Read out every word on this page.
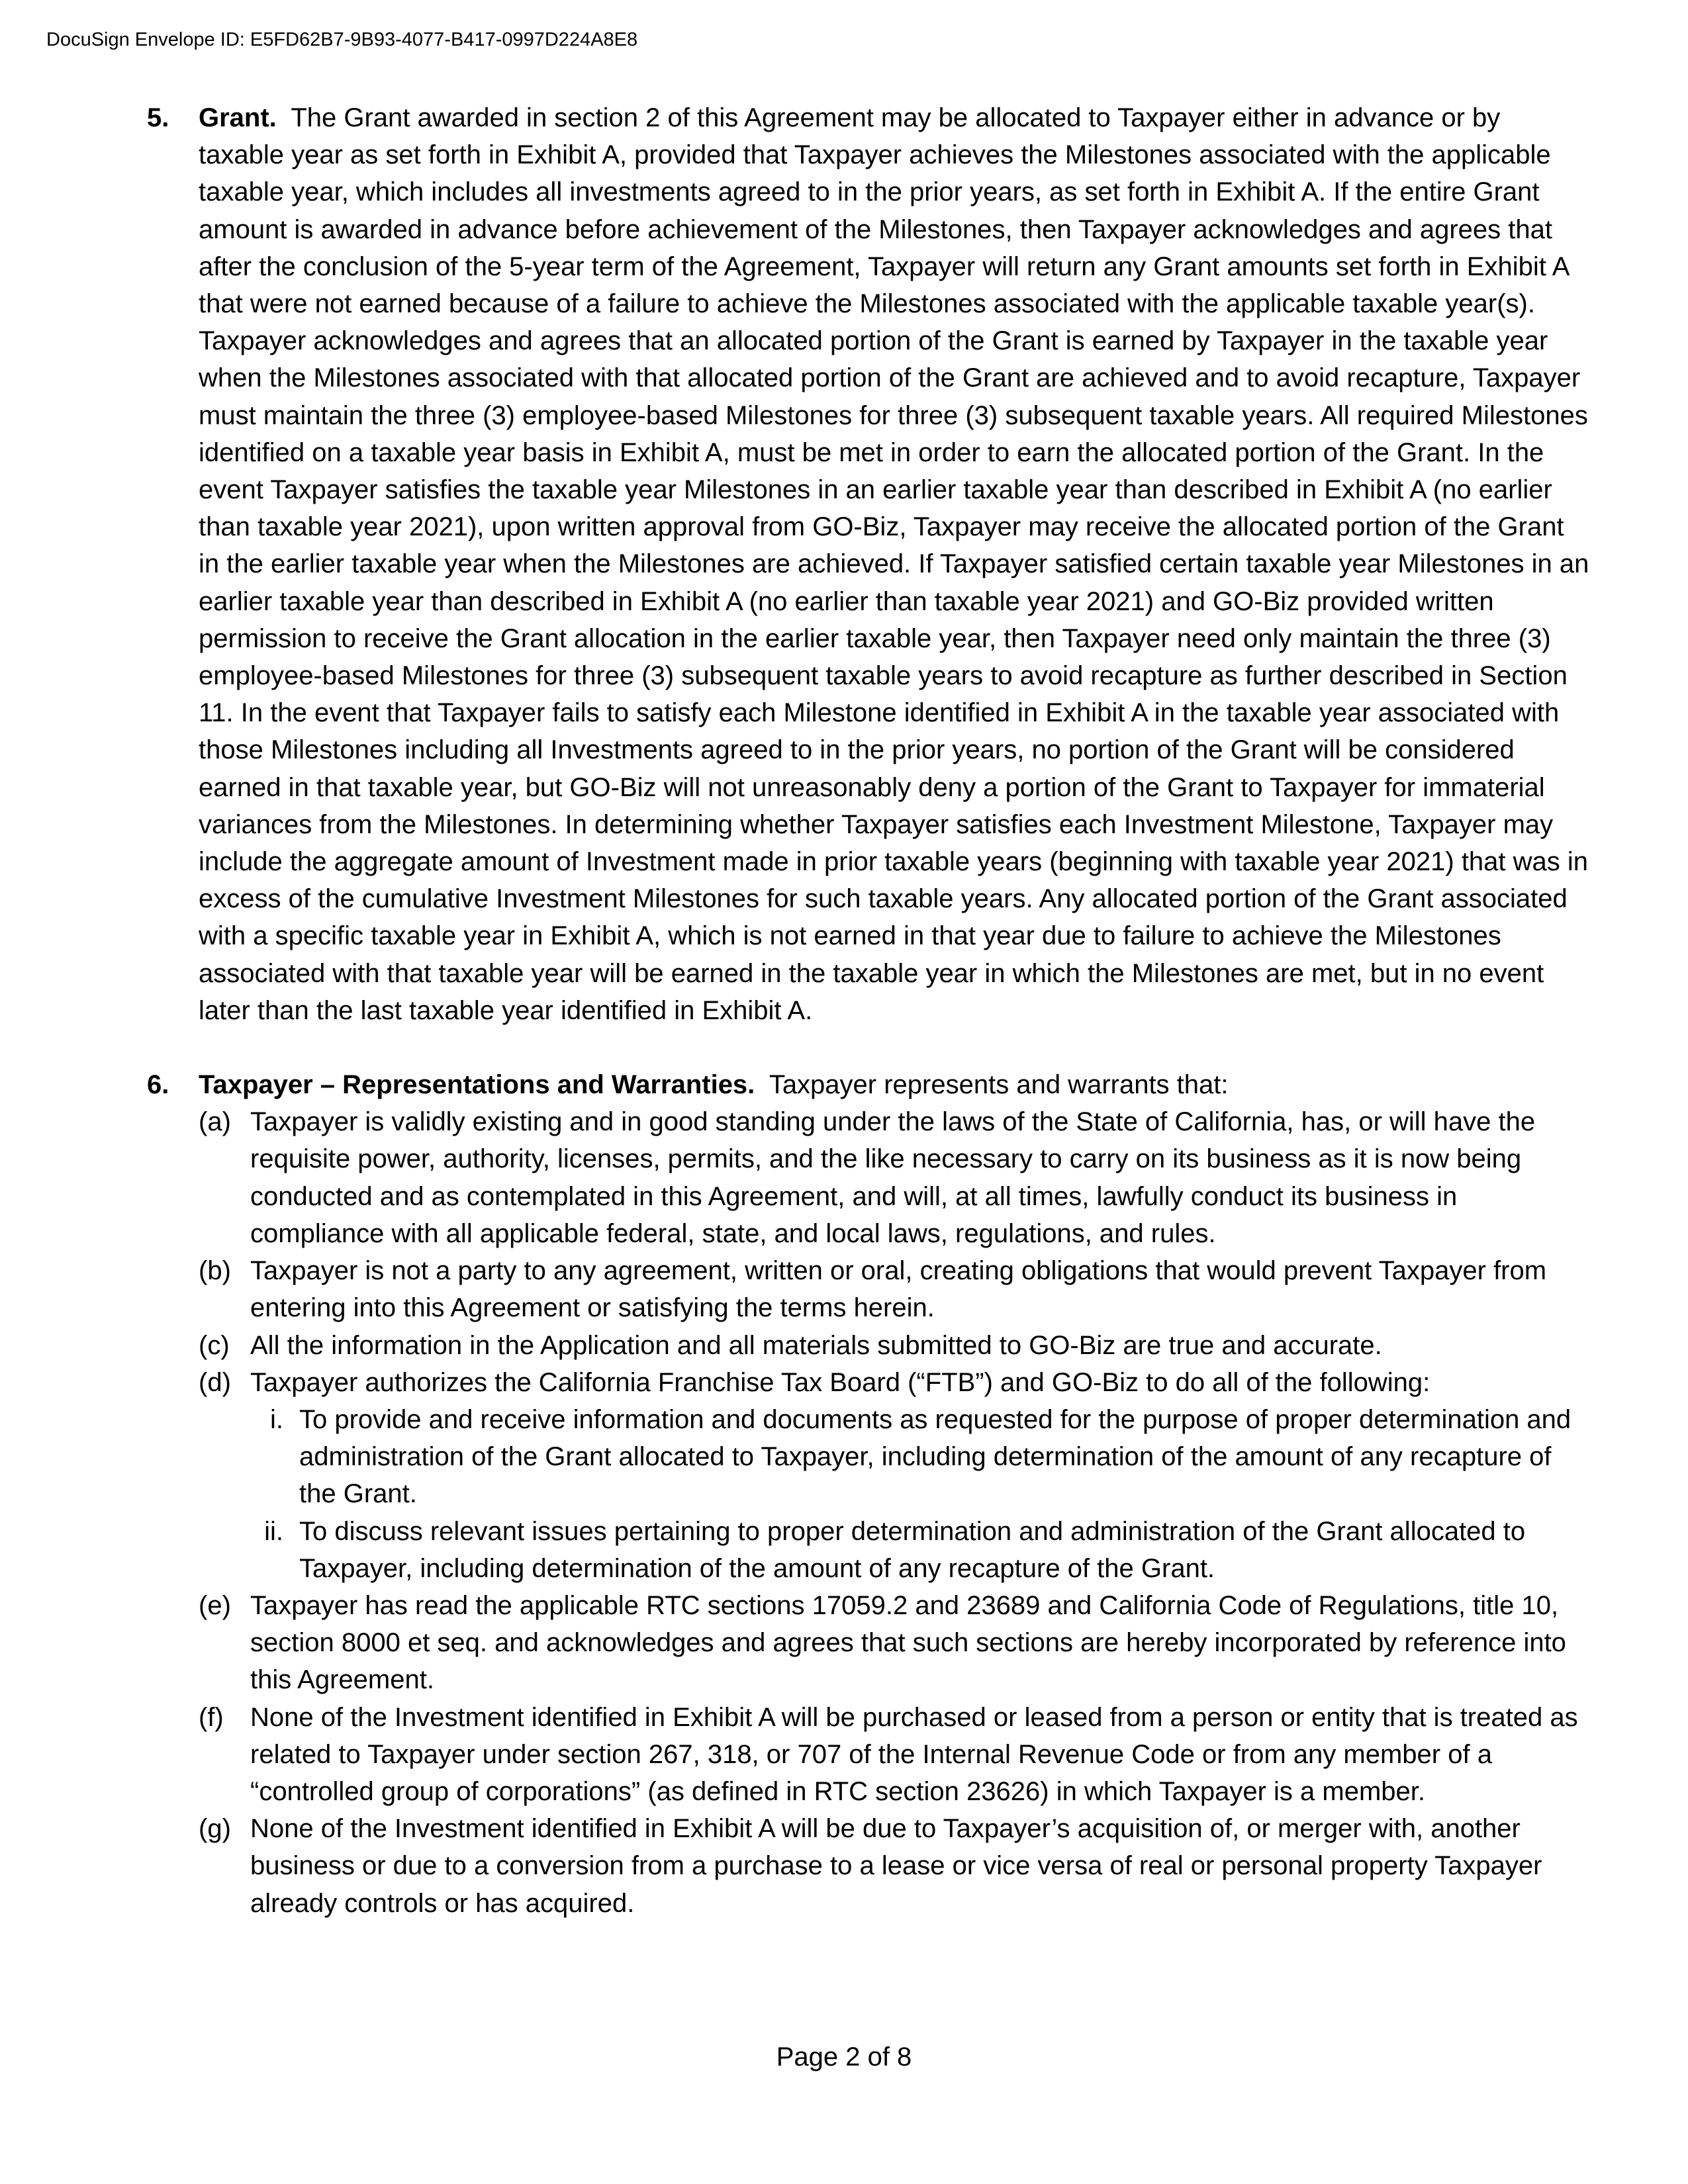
DocuSign Envelope ID: E5FD62B7-9B93-4077-B417-0997D224A8E8
5. Grant. The Grant awarded in section 2 of this Agreement may be allocated to Taxpayer either in advance or by taxable year as set forth in Exhibit A, provided that Taxpayer achieves the Milestones associated with the applicable taxable year, which includes all investments agreed to in the prior years, as set forth in Exhibit A. If the entire Grant amount is awarded in advance before achievement of the Milestones, then Taxpayer acknowledges and agrees that after the conclusion of the 5-year term of the Agreement, Taxpayer will return any Grant amounts set forth in Exhibit A that were not earned because of a failure to achieve the Milestones associated with the applicable taxable year(s). Taxpayer acknowledges and agrees that an allocated portion of the Grant is earned by Taxpayer in the taxable year when the Milestones associated with that allocated portion of the Grant are achieved and to avoid recapture, Taxpayer must maintain the three (3) employee-based Milestones for three (3) subsequent taxable years. All required Milestones identified on a taxable year basis in Exhibit A, must be met in order to earn the allocated portion of the Grant. In the event Taxpayer satisfies the taxable year Milestones in an earlier taxable year than described in Exhibit A (no earlier than taxable year 2021), upon written approval from GO-Biz, Taxpayer may receive the allocated portion of the Grant in the earlier taxable year when the Milestones are achieved. If Taxpayer satisfied certain taxable year Milestones in an earlier taxable year than described in Exhibit A (no earlier than taxable year 2021) and GO-Biz provided written permission to receive the Grant allocation in the earlier taxable year, then Taxpayer need only maintain the three (3) employee-based Milestones for three (3) subsequent taxable years to avoid recapture as further described in Section 11. In the event that Taxpayer fails to satisfy each Milestone identified in Exhibit A in the taxable year associated with those Milestones including all Investments agreed to in the prior years, no portion of the Grant will be considered earned in that taxable year, but GO-Biz will not unreasonably deny a portion of the Grant to Taxpayer for immaterial variances from the Milestones. In determining whether Taxpayer satisfies each Investment Milestone, Taxpayer may include the aggregate amount of Investment made in prior taxable years (beginning with taxable year 2021) that was in excess of the cumulative Investment Milestones for such taxable years. Any allocated portion of the Grant associated with a specific taxable year in Exhibit A, which is not earned in that year due to failure to achieve the Milestones associated with that taxable year will be earned in the taxable year in which the Milestones are met, but in no event later than the last taxable year identified in Exhibit A.
6. Taxpayer – Representations and Warranties. Taxpayer represents and warrants that:
(a) Taxpayer is validly existing and in good standing under the laws of the State of California, has, or will have the requisite power, authority, licenses, permits, and the like necessary to carry on its business as it is now being conducted and as contemplated in this Agreement, and will, at all times, lawfully conduct its business in compliance with all applicable federal, state, and local laws, regulations, and rules.
(b) Taxpayer is not a party to any agreement, written or oral, creating obligations that would prevent Taxpayer from entering into this Agreement or satisfying the terms herein.
(c) All the information in the Application and all materials submitted to GO-Biz are true and accurate.
(d) Taxpayer authorizes the California Franchise Tax Board (“FTB”) and GO-Biz to do all of the following:
i. To provide and receive information and documents as requested for the purpose of proper determination and administration of the Grant allocated to Taxpayer, including determination of the amount of any recapture of the Grant.
ii. To discuss relevant issues pertaining to proper determination and administration of the Grant allocated to Taxpayer, including determination of the amount of any recapture of the Grant.
(e) Taxpayer has read the applicable RTC sections 17059.2 and 23689 and California Code of Regulations, title 10, section 8000 et seq. and acknowledges and agrees that such sections are hereby incorporated by reference into this Agreement.
(f) None of the Investment identified in Exhibit A will be purchased or leased from a person or entity that is treated as related to Taxpayer under section 267, 318, or 707 of the Internal Revenue Code or from any member of a “controlled group of corporations” (as defined in RTC section 23626) in which Taxpayer is a member.
(g) None of the Investment identified in Exhibit A will be due to Taxpayer’s acquisition of, or merger with, another business or due to a conversion from a purchase to a lease or vice versa of real or personal property Taxpayer already controls or has acquired.
Page 2 of 8
